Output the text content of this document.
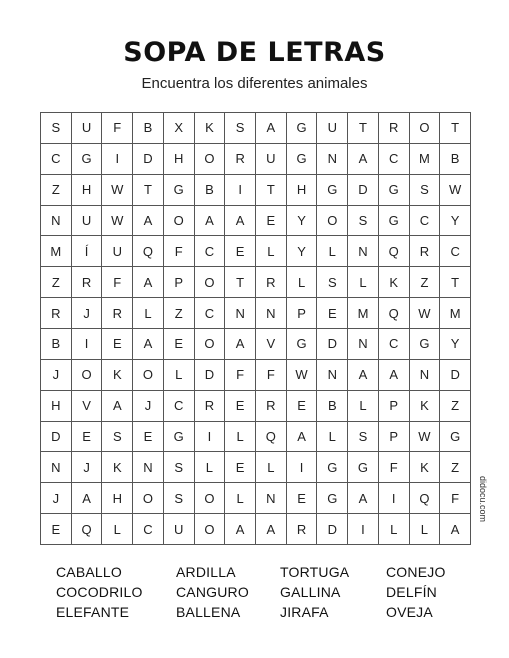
SOPA DE LETRAS
Encuentra los diferentes animales
S	U	F	B	X	K	S	A	G	U	T	R	O	T
C	G	I	D	H	O	R	U	G	N	A	C	M	B
Z	H	W	T	G	B	I	T	H	G	D	G	S	W
N	U	W	A	O	A	A	E	Y	O	S	G	C	Y
M	Í	U	Q	F	C	E	L	Y	L	N	Q	R	C
Z	R	F	A	P	O	T	R	L	S	L	K	Z	T
R	J	R	L	Z	C	N	N	P	E	M	Q	W	M
B	I	E	A	E	O	A	V	G	D	N	C	G	Y
J	O	K	O	L	D	F	F	W	N	A	A	N	D
H	V	A	J	C	R	E	R	E	B	L	P	K	Z
D	E	S	E	G	I	L	Q	A	L	S	P	W	G
N	J	K	N	S	L	E	L	I	G	G	F	K	Z
J	A	H	O	S	O	L	N	E	G	A	I	Q	F
E	Q	L	C	U	O	A	A	R	D	I	L	L	A
didocu.com
CABALLO
COCODRILO
ELEFANTE
ARDILLA
CANGURO
BALLENA
TORTUGA
GALLINA
JIRAFA
CONEJO
DELFÍN
OVEJA
